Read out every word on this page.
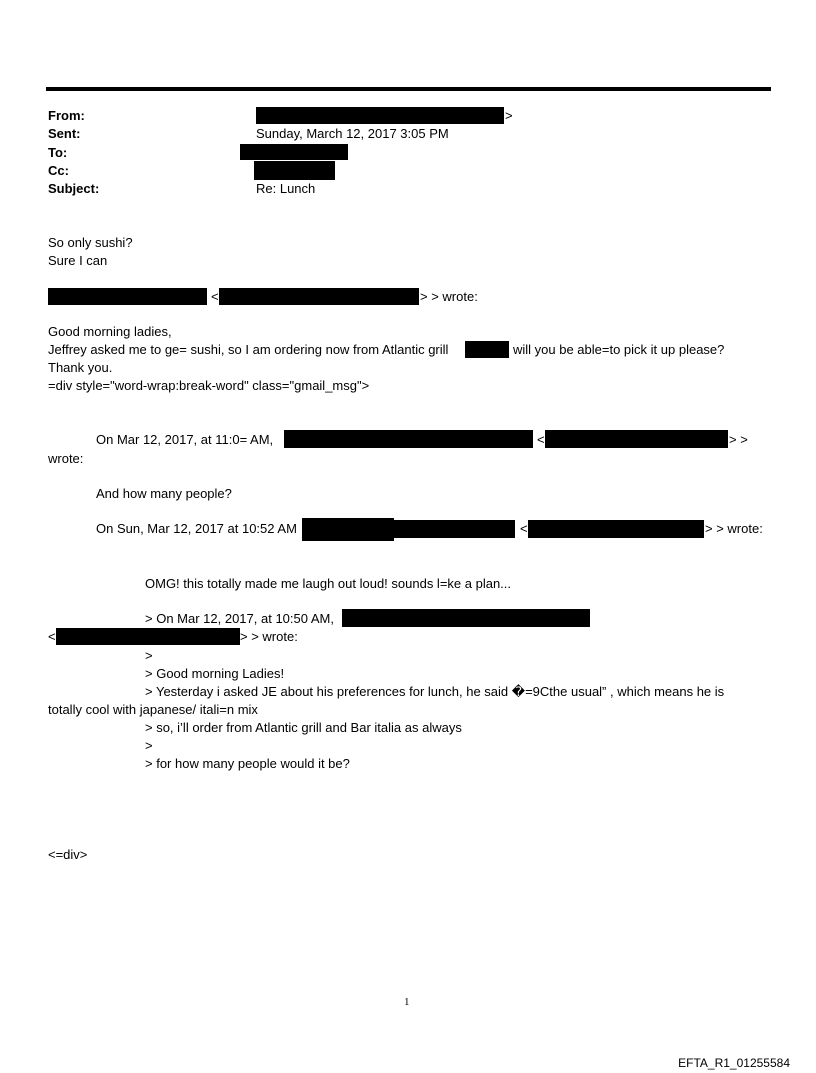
From:	>
Sent:	Sunday, March 12, 2017 3:05 PM
To:
Cc:
Subject:	Re: Lunch
So only sushi?
Sure I can
<	> > wrote:
Good morning ladies,
Jeffrey asked me to ge= sushi, so I am ordering now from Atlantic grill	will you be able=to pick it up please?
Thank you.
=div style="word-wrap:break-word" class="gmail_msg">
On Mar 12, 2017, at 11:0= AM,	<	> >
wrote:
And how many people?
On Sun, Mar 12, 2017 at 10:52 AM	<	> > wrote:
OMG! this totally made me laugh out loud! sounds l=ke a plan...
> On Mar 12, 2017, at 10:50 AM,
<	> > wrote:
>
> Good morning Ladies!
> Yesterday i asked JE about his preferences for lunch, he said �=9Cthe usual” , which means he is
totally cool with japanese/ itali=n mix
> so, i’ll order from Atlantic grill and Bar italia as always
>
> for how many people would it be?
<=div>
1
EFTA_R1_01255584
